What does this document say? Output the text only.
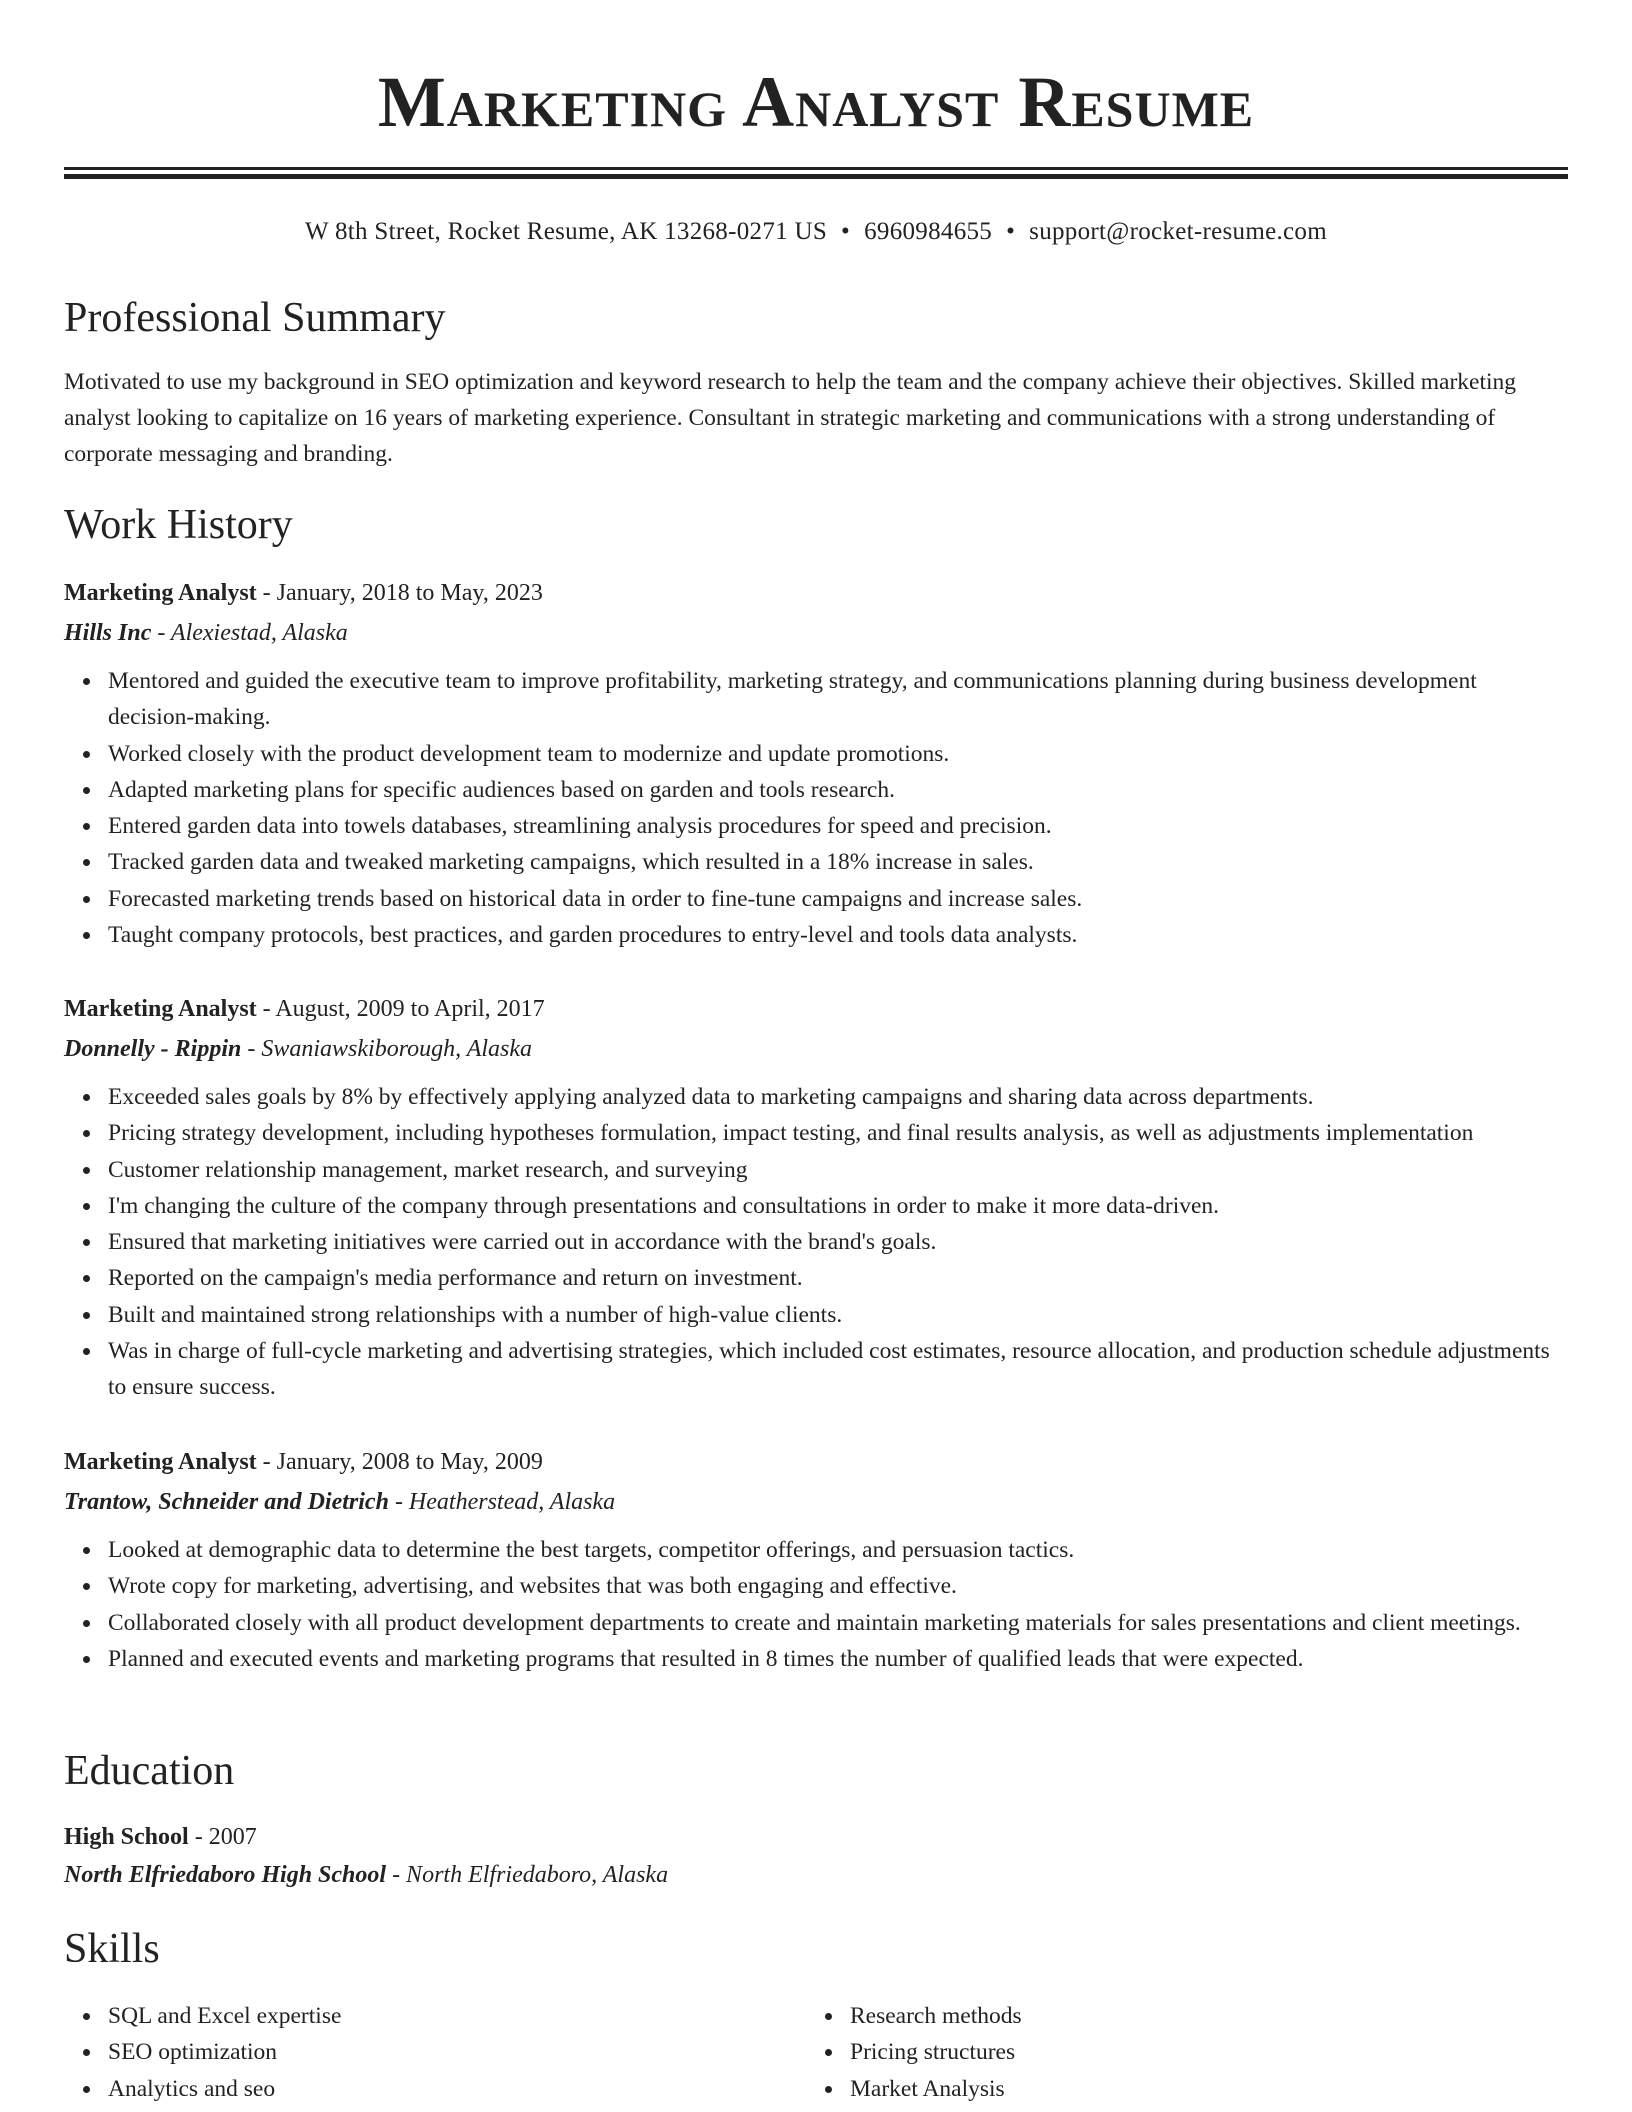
Marketing Analyst Resume
W 8th Street, Rocket Resume, AK 13268-0271 US • 6960984655 • support@rocket-resume.com
Professional Summary
Motivated to use my background in SEO optimization and keyword research to help the team and the company achieve their objectives. Skilled marketing analyst looking to capitalize on 16 years of marketing experience. Consultant in strategic marketing and communications with a strong understanding of corporate messaging and branding.
Work History
Marketing Analyst - January, 2018 to May, 2023
Hills Inc - Alexiestad, Alaska
Mentored and guided the executive team to improve profitability, marketing strategy, and communications planning during business development decision-making.
Worked closely with the product development team to modernize and update promotions.
Adapted marketing plans for specific audiences based on garden and tools research.
Entered garden data into towels databases, streamlining analysis procedures for speed and precision.
Tracked garden data and tweaked marketing campaigns, which resulted in a 18% increase in sales.
Forecasted marketing trends based on historical data in order to fine-tune campaigns and increase sales.
Taught company protocols, best practices, and garden procedures to entry-level and tools data analysts.
Marketing Analyst - August, 2009 to April, 2017
Donnelly - Rippin - Swaniawskiborough, Alaska
Exceeded sales goals by 8% by effectively applying analyzed data to marketing campaigns and sharing data across departments.
Pricing strategy development, including hypotheses formulation, impact testing, and final results analysis, as well as adjustments implementation
Customer relationship management, market research, and surveying
I'm changing the culture of the company through presentations and consultations in order to make it more data-driven.
Ensured that marketing initiatives were carried out in accordance with the brand's goals.
Reported on the campaign's media performance and return on investment.
Built and maintained strong relationships with a number of high-value clients.
Was in charge of full-cycle marketing and advertising strategies, which included cost estimates, resource allocation, and production schedule adjustments to ensure success.
Marketing Analyst - January, 2008 to May, 2009
Trantow, Schneider and Dietrich - Heatherstead, Alaska
Looked at demographic data to determine the best targets, competitor offerings, and persuasion tactics.
Wrote copy for marketing, advertising, and websites that was both engaging and effective.
Collaborated closely with all product development departments to create and maintain marketing materials for sales presentations and client meetings.
Planned and executed events and marketing programs that resulted in 8 times the number of qualified leads that were expected.
Education
High School - 2007
North Elfriedaboro High School - North Elfriedaboro, Alaska
Skills
SQL and Excel expertise
SEO optimization
Analytics and seo
Research methods
Pricing structures
Market Analysis
